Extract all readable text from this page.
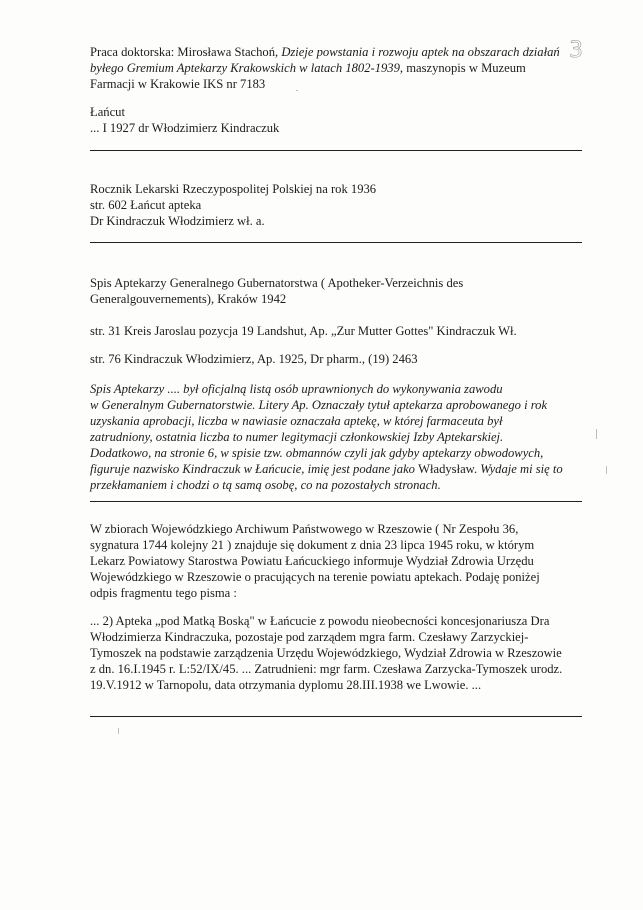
3

Praca doktorska: Mirosława Stachoń, Dzieje powstania i rozwoju aptek na obszarach działań

byłego Gremium Aptekarzy Krakowskich w latach 1802-1939, maszynopis w Muzeum

Farmacji w Krakowie IKS nr 7183

Łańcut

... I 1927 dr Włodzimierz Kindraczuk

Rocznik Lekarski Rzeczypospolitej Polskiej na rok 1936

str. 602 Łańcut apteka

Dr Kindraczuk Włodzimierz wł. a.

Spis Aptekarzy Generalnego Gubernatorstwa ( Apotheker-Verzeichnis des

Generalgouvernements), Kraków 1942

str. 31 Kreis Jaroslau pozycja 19 Landshut, Ap. „Zur Mutter Gottes" Kindraczuk Wł.

str. 76 Kindraczuk Włodzimierz, Ap. 1925, Dr pharm., (19) 2463

Spis Aptekarzy .... był oficjalną listą osób uprawnionych do wykonywania zawodu

w Generalnym Gubernatorstwie. Litery Ap. Oznaczały tytuł aptekarza aprobowanego i rok

uzyskania aprobacji, liczba w nawiasie oznaczała aptekę, w której farmaceuta był

zatrudniony, ostatnia liczba to numer legitymacji członkowskiej Izby Aptekarskiej.

Dodatkowo, na stronie 6, w spisie tzw. obmannów czyli jak gdyby aptekarzy obwodowych,

figuruje nazwisko Kindraczuk w Łańcucie, imię jest podane jako Władysław. Wydaje mi się to

przekłamaniem i chodzi o tą samą osobę, co na pozostałych stronach.

W zbiorach Wojewódzkiego Archiwum Państwowego w Rzeszowie ( Nr Zespołu 36,

sygnatura 1744 kolejny 21 ) znajduje się dokument z dnia 23 lipca 1945 roku, w którym

Lekarz Powiatowy Starostwa Powiatu Łańcuckiego informuje Wydział Zdrowia Urzędu

Wojewódzkiego w Rzeszowie o pracujących na terenie powiatu aptekach. Podaję poniżej

odpis fragmentu tego pisma :

... 2) Apteka „pod Matką Boską" w Łańcucie z powodu nieobecności koncesjonariusza Dra

Włodzimierza Kindraczuka, pozostaje pod zarządem mgra farm. Czesławy Zarzyckiej-

Tymoszek na podstawie zarządzenia Urzędu Wojewódzkiego, Wydział Zdrowia w Rzeszowie

z dn. 16.I.1945 r. L:52/IX/45. ... Zatrudnieni: mgr farm. Czesława Zarzycka-Tymoszek urodz.

19.V.1912 w Tarnopolu, data otrzymania dyplomu 28.III.1938 we Lwowie. ...
